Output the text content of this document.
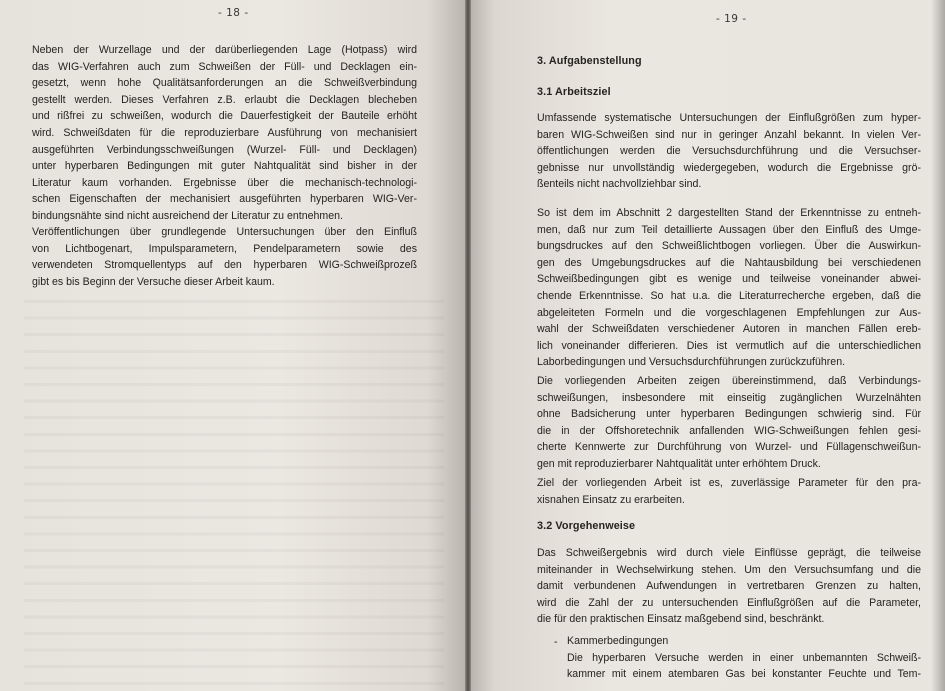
- 18 -
Neben der Wurzellage und der darüberliegenden Lage (Hotpass) wird
das WIG-Verfahren auch zum Schweißen der Füll- und Decklagen ein-
gesetzt, wenn hohe Qualitätsanforderungen an die Schweißverbindung
gestellt werden. Dieses Verfahren z.B. erlaubt die Decklagen blecheben
und rißfrei zu schweißen, wodurch die Dauerfestigkeit der Bauteile erhöht
wird. Schweißdaten für die reproduzierbare Ausführung von mechanisiert
ausgeführten Verbindungsschweißungen (Wurzel- Füll- und Decklagen)
unter hyperbaren Bedingungen mit guter Nahtqualität sind bisher in der
Literatur kaum vorhanden. Ergebnisse über die mechanisch-technologi-
schen Eigenschaften der mechanisiert ausgeführten hyperbaren WIG-Ver-
bindungsnähte sind nicht ausreichend der Literatur zu entnehmen.
Veröffentlichungen über grundlegende Untersuchungen über den Einfluß
von Lichtbogenart, Impulsparametern, Pendelparametern sowie des
verwendeten Stromquellentyps auf den hyperbaren WIG-Schweißprozeß
gibt es bis Beginn der Versuche dieser Arbeit kaum.
- 19 -
3. Aufgabenstellung
3.1 Arbeitsziel
Umfassende systematische Untersuchungen der Einflußgrößen zum hyper-
baren WIG-Schweißen sind nur in geringer Anzahl bekannt. In vielen Ver-
öffentlichungen werden die Versuchsdurchführung und die Versuchser-
gebnisse nur unvollständig wiedergegeben, wodurch die Ergebnisse grö-
ßenteils nicht nachvollziehbar sind.
So ist dem im Abschnitt 2 dargestellten Stand der Erkenntnisse zu entneh-
men, daß nur zum Teil detaillierte Aussagen über den Einfluß des Umge-
bungsdruckes auf den Schweißlichtbogen vorliegen. Über die Auswirkun-
gen des Umgebungsdruckes auf die Nahtausbildung bei verschiedenen
Schweißbedingungen gibt es wenige und teilweise voneinander abwei-
chende Erkenntnisse. So hat u.a. die Literaturrecherche ergeben, daß die
abgeleiteten Formeln und die vorgeschlagenen Empfehlungen zur Aus-
wahl der Schweißdaten verschiedener Autoren in manchen Fällen ereb-
lich voneinander differieren. Dies ist vermutlich auf die unterschiedlichen
Laborbedingungen und Versuchsdurchführungen zurückzuführen.
Die vorliegenden Arbeiten zeigen übereinstimmend, daß Verbindungs-
schweißungen, insbesondere mit einseitig zugänglichen Wurzelnähten
ohne Badsicherung unter hyperbaren Bedingungen schwierig sind. Für
die in der Offshoretechnik anfallenden WIG-Schweißungen fehlen gesi-
cherte Kennwerte zur Durchführung von Wurzel- und Füllagenschweißun-
gen mit reproduzierbarer Nahtqualität unter erhöhtem Druck.
Ziel der vorliegenden Arbeit ist es, zuverlässige Parameter für den pra-
xisnahen Einsatz zu erarbeiten.
3.2 Vorgehenweise
Das Schweißergebnis wird durch viele Einflüsse geprägt, die teilweise
miteinander in Wechselwirkung stehen. Um den Versuchsumfang und die
damit verbundenen Aufwendungen in vertretbaren Grenzen zu halten,
wird die Zahl der zu untersuchenden Einflußgrößen auf die Parameter,
die für den praktischen Einsatz maßgebend sind, beschränkt.
- Kammerbedingungen
Die hyperbaren Versuche werden in einer unbemannten Schweiß-
kammer mit einem atembaren Gas bei konstanter Feuchte und Tem-
